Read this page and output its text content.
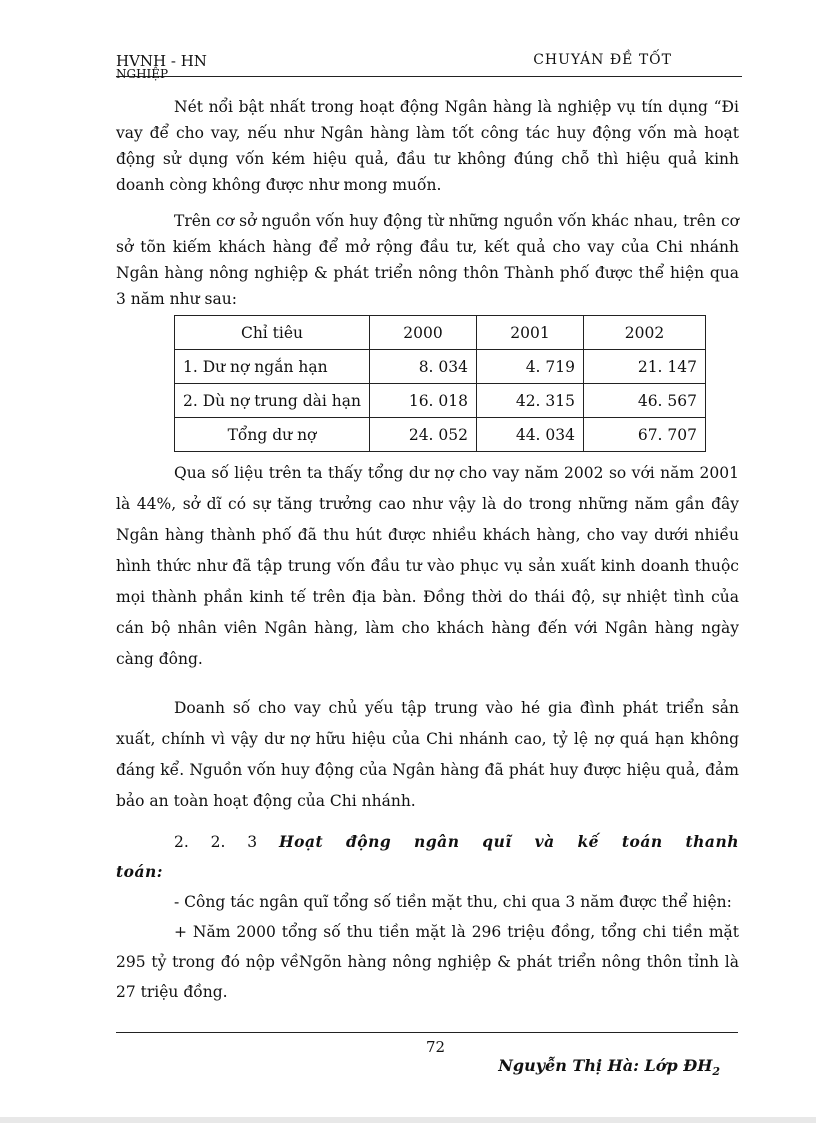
HVNH - HN
NGHIỆP
CHUYÁN ĐỀ TỐT

Nét nổi bật nhất trong hoạt động Ngân hàng là nghiệp vụ tín dụng “Đi vay để cho vay, nếu như Ngân hàng làm tốt công tác huy động vốn mà hoạt động sử dụng vốn kém hiệu quả, đầu tư không đúng chỗ thì hiệu quả kinh doanh còng không được như mong muốn.

Trên cơ sở nguồn vốn huy động từ những nguồn vốn khác nhau, trên cơ sở tõn kiếm khách hàng để mở rộng đầu tư, kết quả cho vay của Chi nhánh Ngân hàng nông nghiệp & phát triển nông thôn Thành phố được thể hiện qua 3 năm như sau:

Chỉ tiêu	2000	2001	2002
1. Dư nợ ngắn hạn	8. 034	4. 719	21. 147
2. Dù nợ trung dài hạn	16. 018	42. 315	46. 567
Tổng dư nợ	24. 052	44. 034	67. 707

Qua số liệu trên ta thấy tổng dư nợ cho vay năm 2002 so với năm 2001 là 44%, sở dĩ có sự tăng trưởng cao như vậy là do trong những năm gần đây Ngân hàng thành phố đã thu hút được nhiều khách hàng, cho vay dưới nhiều hình thức như đã tập trung vốn đầu tư vào phục vụ sản xuất kinh doanh thuộc mọi thành phần kinh tế trên địa bàn. Đồng thời do thái độ, sự nhiệt tình của cán bộ nhân viên Ngân hàng, làm cho khách hàng đến với Ngân hàng ngày càng đông.

Doanh số cho vay chủ yếu tập trung vào hé gia đình phát triển sản xuất, chính vì vậy dư nợ hữu hiệu của Chi nhánh cao, tỷ lệ nợ quá hạn không đáng kể. Nguồn vốn huy động của Ngân hàng đã phát huy được hiệu quả, đảm bảo an toàn hoạt động của Chi nhánh.

2. 2. 3 Hoạt động ngân quĩ và kế toán thanh toán:

- Công tác ngân quĩ tổng số tiền mặt thu, chi qua 3 năm được thể hiện:

+ Năm 2000 tổng số thu tiền mặt là 296 triệu đồng, tổng chi tiền mặt 295 tỷ trong đó nộp vềNgõn hàng nông nghiệp & phát triển nông thôn tỉnh là 27 triệu đồng.

72
Nguyễn Thị Hà: Lớp $ĐH_2$
